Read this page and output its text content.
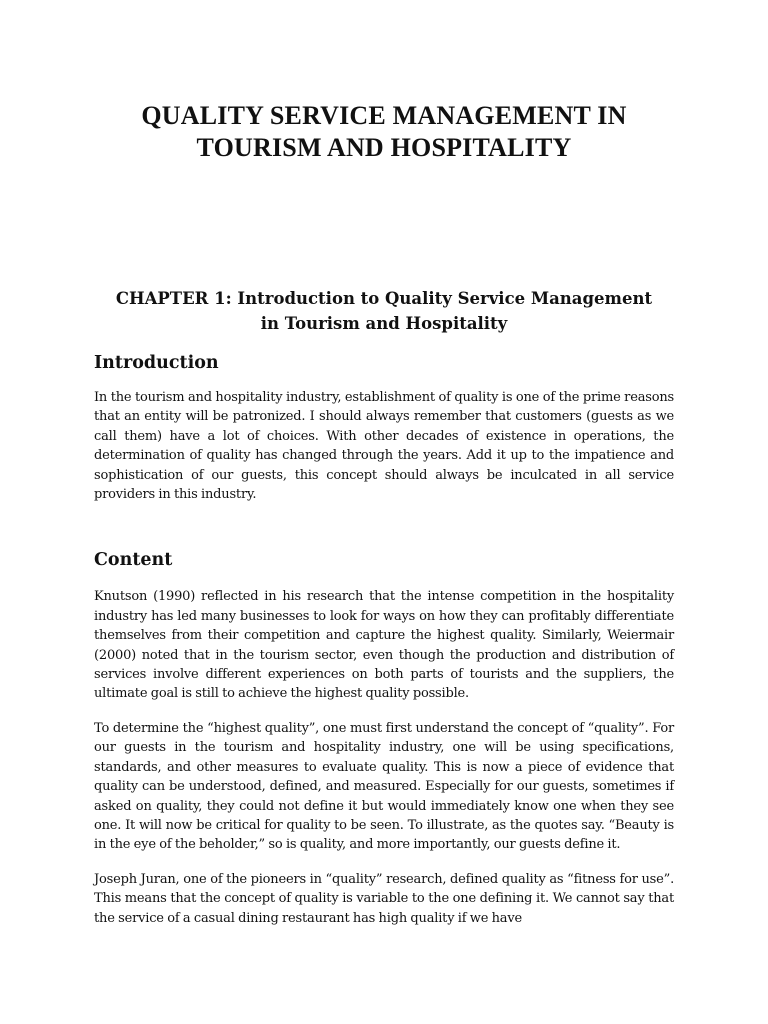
QUALITY SERVICE MANAGEMENT IN
TOURISM AND HOSPITALITY
CHAPTER 1: Introduction to Quality Service Management
in Tourism and Hospitality
Introduction

In the tourism and hospitality industry, establishment of quality is one of the prime reasons that an entity will be patronized. I should always remember that customers (guests as we call them) have a lot of choices. With other decades of existence in operations, the determination of quality has changed through the years. Add it up to the impatience and sophistication of our guests, this concept should always be inculcated in all service providers in this industry.

Content

Knutson (1990) reflected in his research that the intense competition in the hospitality industry has led many businesses to look for ways on how they can profitably differentiate themselves from their competition and capture the highest quality. Similarly, Weiermair (2000) noted that in the tourism sector, even though the production and distribution of services involve different experiences on both parts of tourists and the suppliers, the ultimate goal is still to achieve the highest quality possible.

To determine the “highest quality”, one must first understand the concept of “quality”. For our guests in the tourism and hospitality industry, one will be using specifications, standards, and other measures to evaluate quality. This is now a piece of evidence that quality can be understood, defined, and measured. Especially for our guests, sometimes if asked on quality, they could not define it but would immediately know one when they see one. It will now be critical for quality to be seen. To illustrate, as the quotes say. “Beauty is in the eye of the beholder,” so is quality, and more importantly, our guests define it.

Joseph Juran, one of the pioneers in “quality” research, defined quality as “fitness for use”. This means that the concept of quality is variable to the one defining it. We cannot say that the service of a casual dining restaurant has high quality if we have
